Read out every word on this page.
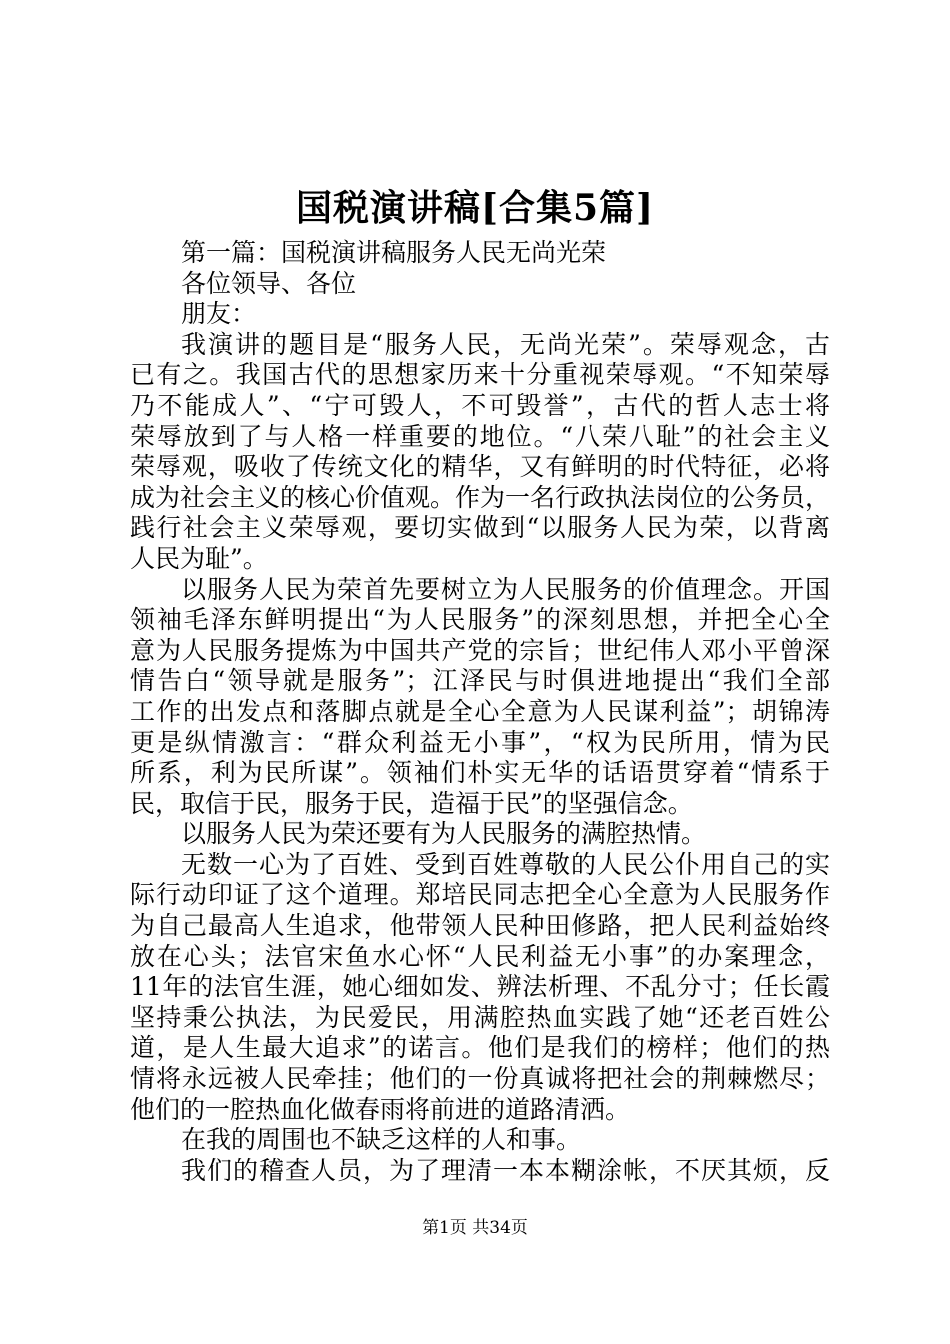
国税演讲稿[合集5篇]
第一篇：国税演讲稿服务人民无尚光荣
各位领导、各位
朋友：
我演讲的题目是“服务人民，无尚光荣”。荣辱观念，古
已有之。我国古代的思想家历来十分重视荣辱观。“不知荣辱
乃不能成人”、“宁可毁人，不可毁誉”，古代的哲人志士将
荣辱放到了与人格一样重要的地位。“八荣八耻”的社会主义
荣辱观，吸收了传统文化的精华，又有鲜明的时代特征，必将
成为社会主义的核心价值观。作为一名行政执法岗位的公务员，
践行社会主义荣辱观，要切实做到“以服务人民为荣，以背离
人民为耻”。
以服务人民为荣首先要树立为人民服务的价值理念。开国
领袖毛泽东鲜明提出“为人民服务”的深刻思想，并把全心全
意为人民服务提炼为中国共产党的宗旨；世纪伟人邓小平曾深
情告白“领导就是服务”；江泽民与时俱进地提出“我们全部
工作的出发点和落脚点就是全心全意为人民谋利益”；胡锦涛
更是纵情激言：“群众利益无小事”，“权为民所用，情为民
所系，利为民所谋”。领袖们朴实无华的话语贯穿着“情系于
民，取信于民，服务于民，造福于民”的坚强信念。
以服务人民为荣还要有为人民服务的满腔热情。
无数一心为了百姓、受到百姓尊敬的人民公仆用自己的实
际行动印证了这个道理。郑培民同志把全心全意为人民服务作
为自己最高人生追求，他带领人民种田修路，把人民利益始终
放在心头；法官宋鱼水心怀“人民利益无小事”的办案理念，
11年的法官生涯，她心细如发、辨法析理、不乱分寸；任长霞
坚持秉公执法，为民爱民，用满腔热血实践了她“还老百姓公
道，是人生最大追求”的诺言。他们是我们的榜样；他们的热
情将永远被人民牵挂；他们的一份真诚将把社会的荆棘燃尽；
他们的一腔热血化做春雨将前进的道路清洒。
在我的周围也不缺乏这样的人和事。
我们的稽查人员，为了理清一本本糊涂帐，不厌其烦，反
第1页 共34页
